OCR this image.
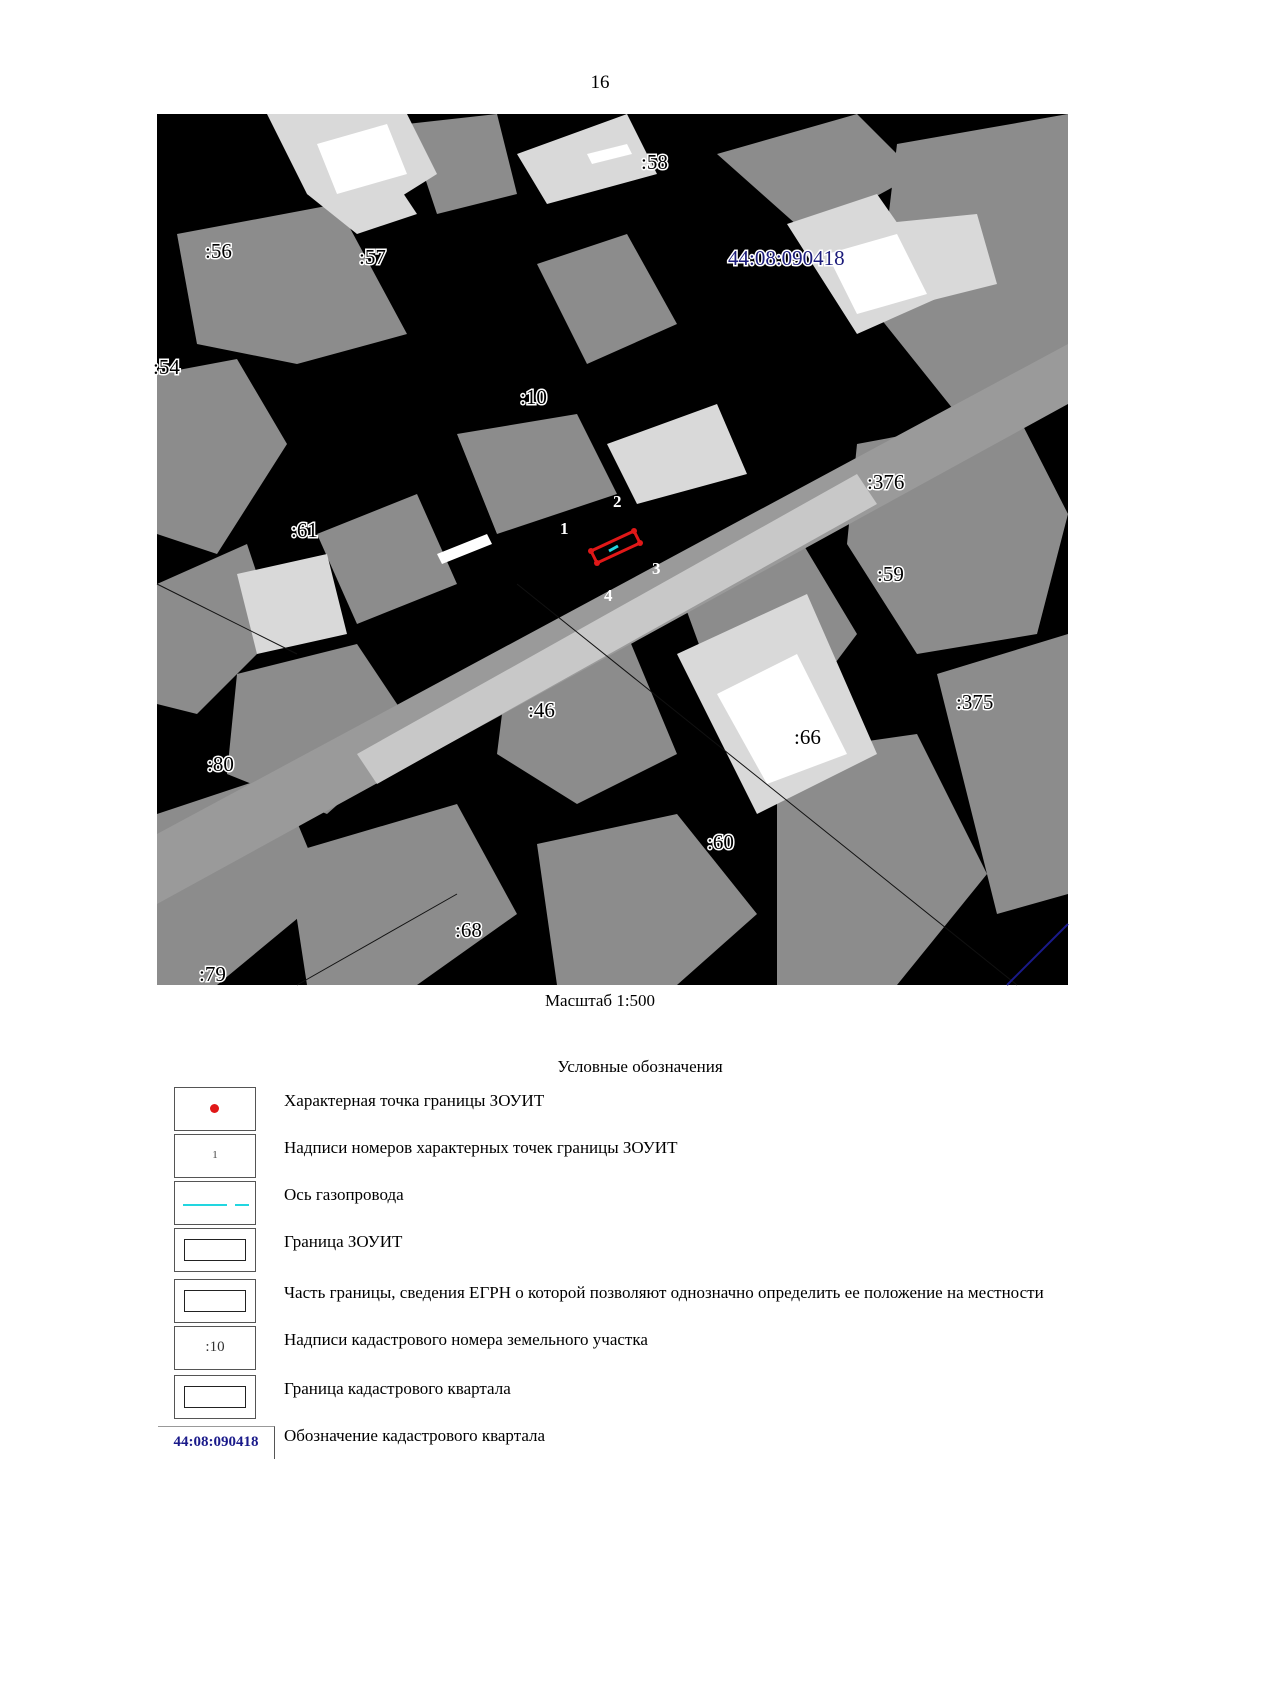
16
1
2
3
4
:58
:56	:57
:54
:10
:376
:61
:59
:46	:375
:66
:80
:60
:68
:79
44:08:090418
Масштаб 1:500
Условные обозначения
Характерная точка границы ЗОУИТ
1	Надписи номеров характерных точек границы ЗОУИТ
Ось газопровода
Граница ЗОУИТ
Часть границы, сведения ЕГРН о которой позволяют однозначно определить ее положение на местности
:10	Надписи кадастрового номера земельного участка
Граница кадастрового квартала
44:08:090418	Обозначение кадастрового квартала
